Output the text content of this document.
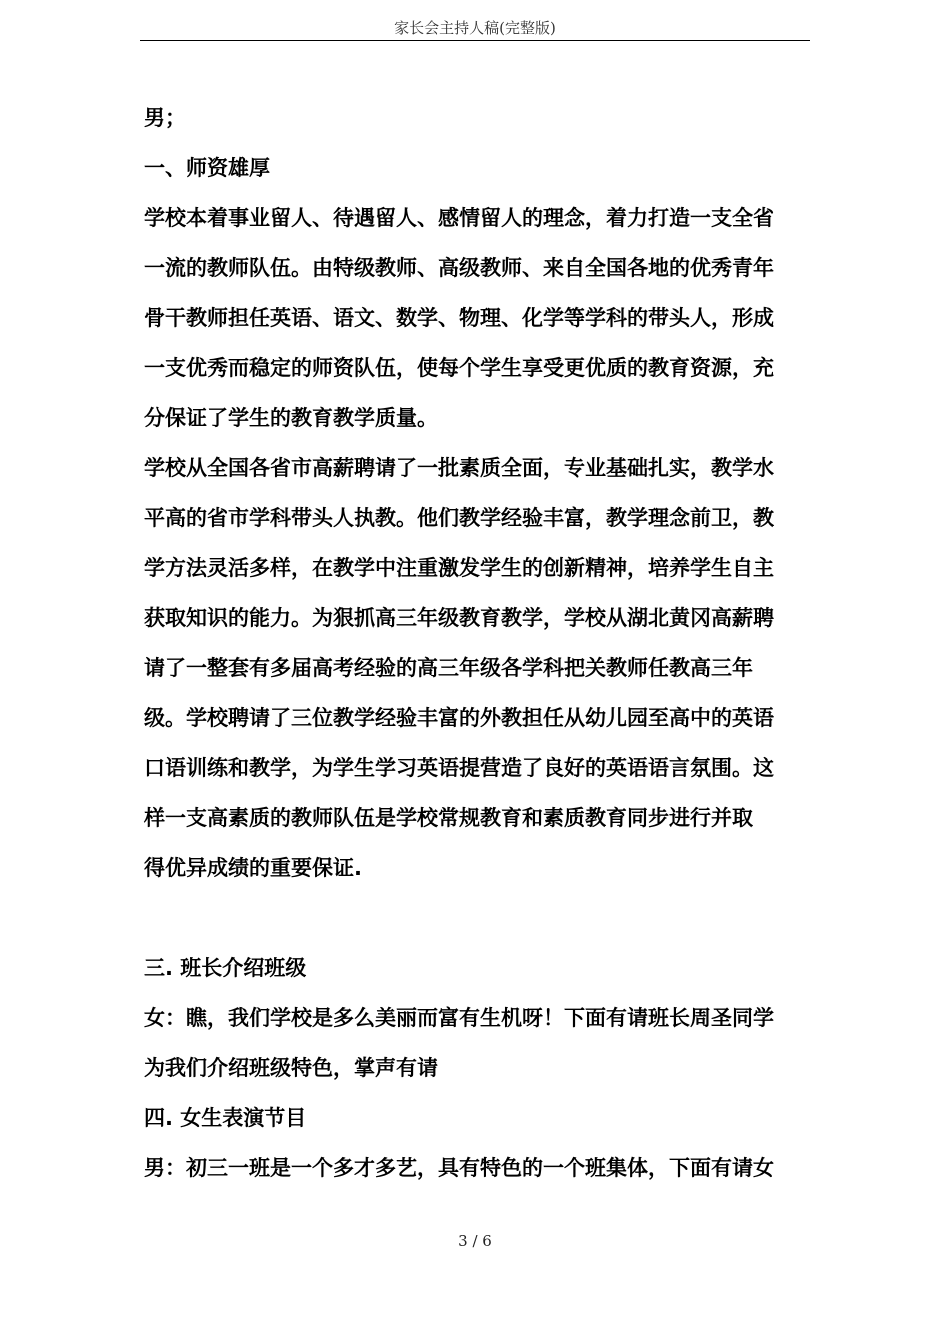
家长会主持人稿(完整版)
男；
一、师资雄厚
学校本着事业留人、待遇留人、感情留人的理念，着力打造一支全省
一流的教师队伍。由特级教师、高级教师、来自全国各地的优秀青年
骨干教师担任英语、语文、数学、物理、化学等学科的带头人，形成
一支优秀而稳定的师资队伍，使每个学生享受更优质的教育资源，充
分保证了学生的教育教学质量。
学校从全国各省市高薪聘请了一批素质全面，专业基础扎实，教学水
平高的省市学科带头人执教。他们教学经验丰富，教学理念前卫，教
学方法灵活多样，在教学中注重激发学生的创新精神，培养学生自主
获取知识的能力。为狠抓高三年级教育教学，学校从湖北黄冈高薪聘
请了一整套有多届高考经验的高三年级各学科把关教师任教高三年
级。学校聘请了三位教学经验丰富的外教担任从幼儿园至高中的英语
口语训练和教学，为学生学习英语提营造了良好的英语语言氛围。这
样一支高素质的教师队伍是学校常规教育和素质教育同步进行并取
得优异成绩的重要保证.
三. 班长介绍班级
女：瞧，我们学校是多么美丽而富有生机呀！下面有请班长周圣同学
为我们介绍班级特色，掌声有请
四. 女生表演节目
男：初三一班是一个多才多艺，具有特色的一个班集体，下面有请女
3 / 6
